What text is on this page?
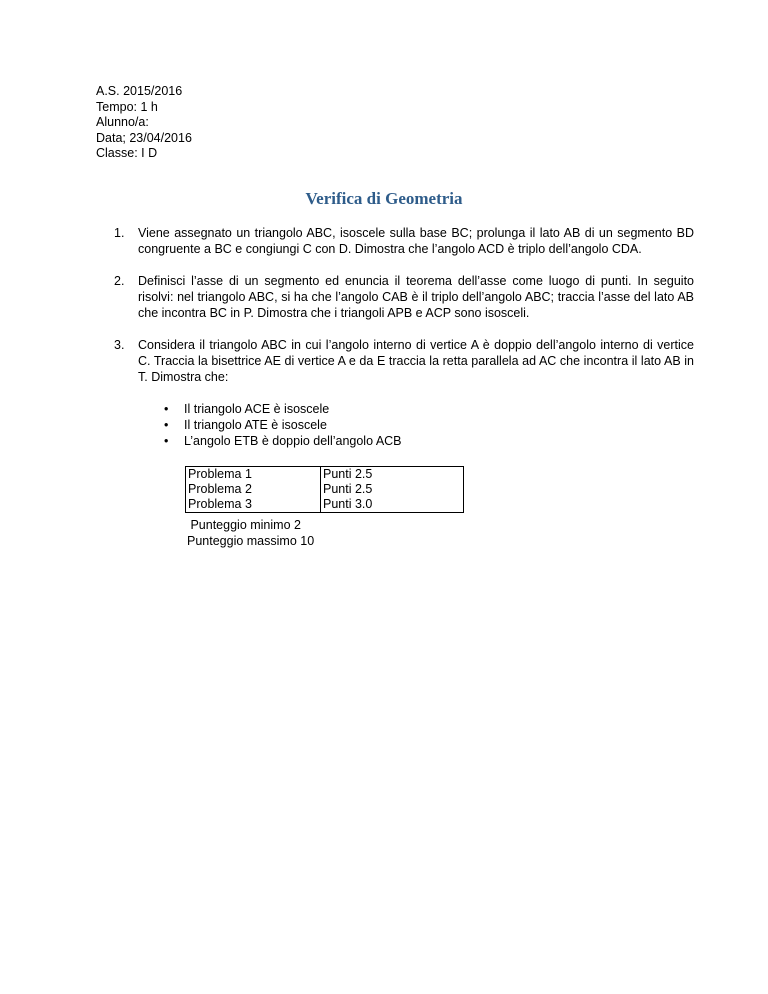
A.S. 2015/2016
Tempo: 1 h
Alunno/a:
Data; 23/04/2016
Classe: I D
Verifica di Geometria
1. Viene assegnato un triangolo ABC, isoscele sulla base BC; prolunga il lato AB di un segmento BD congruente a BC e congiungi C con D. Dimostra che l’angolo ACD è triplo dell’angolo CDA.
2. Definisci l’asse di un segmento ed enuncia il teorema dell’asse come luogo di punti. In seguito risolvi: nel triangolo ABC, si ha che l’angolo CAB è il triplo dell’angolo ABC; traccia l’asse del lato AB che incontra BC in P. Dimostra che i triangoli APB e ACP sono isosceli.
3. Considera il triangolo ABC in cui l’angolo interno di vertice A è doppio dell’angolo interno di vertice C. Traccia la bisettrice AE di vertice A e da E traccia la retta parallela ad AC che incontra il lato AB in T. Dimostra che:
• Il triangolo ACE è isoscele
• Il triangolo ATE è isoscele
• L’angolo ETB è doppio dell’angolo ACB
Problema 1	Punti 2.5
Problema 2	Punti 2.5
Problema 3	Punti 3.0
Punteggio minimo 2
Punteggio massimo 10
